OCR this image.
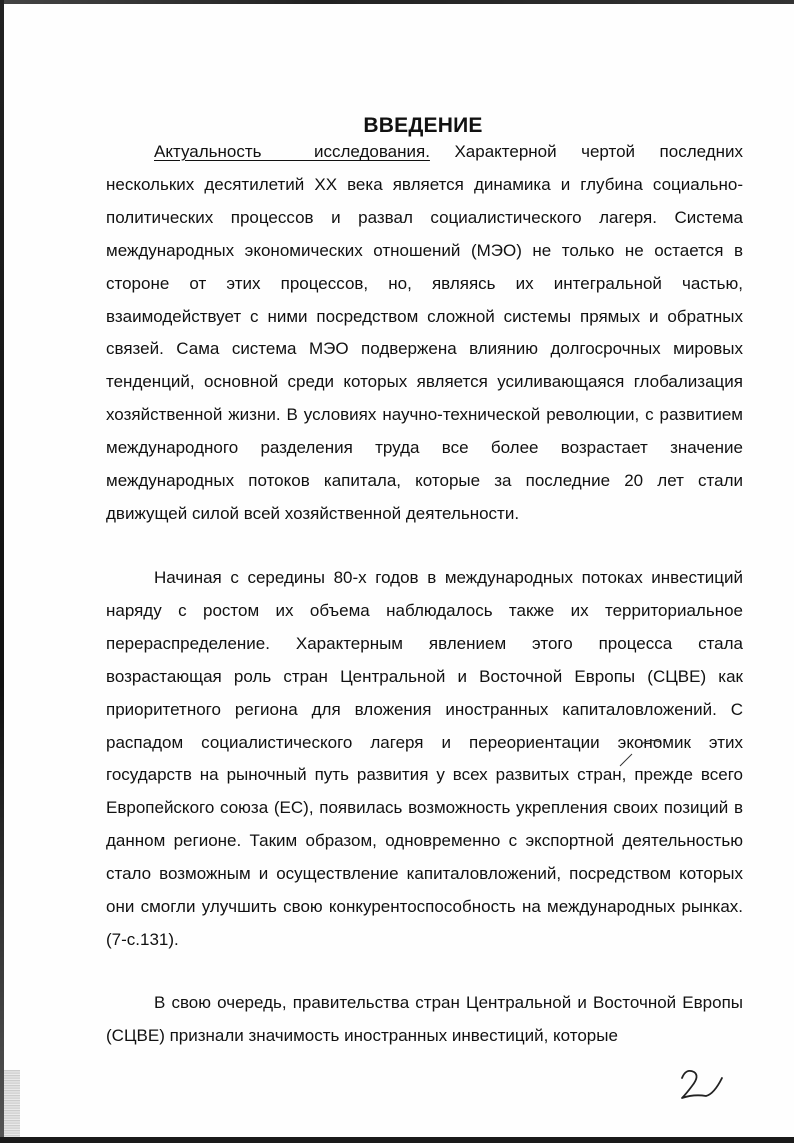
ВВЕДЕНИЕ

Актуальность исследования. Характерной чертой последних нескольких десятилетий XX века является динамика и глубина социально-политических процессов и развал социалистического лагеря. Система международных экономических отношений (МЭО) не только не остается в стороне от этих процессов, но, являясь их интегральной частью, взаимодействует с ними посредством сложной системы прямых и обратных связей. Сама система МЭО подвержена влиянию долгосрочных мировых тенденций, основной среди которых является усиливающаяся глобализация хозяйственной жизни. В условиях научно-технической революции, с развитием международного разделения труда все более возрастает значение международных потоков капитала, которые за последние 20 лет стали движущей силой всей хозяйственной деятельности.

Начиная с середины 80-х годов в международных потоках инвестиций наряду с ростом их объема наблюдалось также их территориальное перераспределение. Характерным явлением этого процесса стала возрастающая роль стран Центральной и Восточной Европы (СЦВЕ) как приоритетного региона для вложения иностранных капиталовложений. С распадом социалистического лагеря и переориентации экономик этих государств на рыночный путь развития у всех развитых стран, прежде всего Европейского союза (ЕС), появилась возможность укрепления своих позиций в данном регионе. Таким образом, одновременно с экспортной деятельностью стало возможным и осуществление капиталовложений, посредством которых они смогли улучшить свою конкурентоспособность на международных рынках.(7-с.131).

В свою очередь, правительства стран Центральной и Восточной Европы (СЦВЕ) признали значимость иностранных инвестиций, которые
